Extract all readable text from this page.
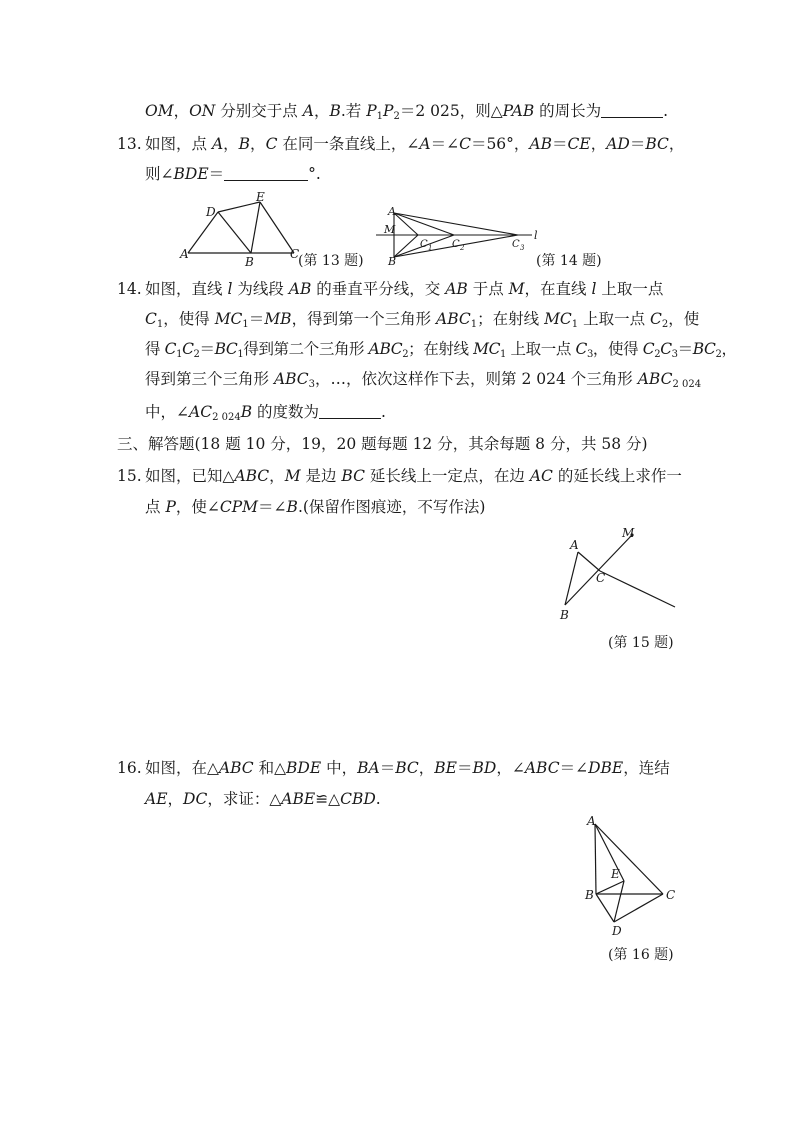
OM，ON 分别交于点 A，B.若 $P_1P_2=2$ 025，则△PAB 的周长为	.
13. 如图，点 A，B，C 在同一条直线上，∠A＝∠C＝56°，AB＝CE，AD＝BC，
则∠BDE＝	°.
D
E
A
B
C
(第 13 题)
A
M
B
C 1 C 2	C 3
l
(第 14 题)
14. 如图，直线 l 为线段 AB 的垂直平分线，交 AB 于点 M，在直线 l 上取一点
$C_1$，使得 $MC_1=MB$，得到第一个三角形 $ABC_1$；在射线 $MC_1$ 上取一点 $C_2$，使
得 $C_1C_2=BC_1$得到第二个三角形 $ABC_2$；在射线 $MC_1$ 上取一点 $C_3$，使得 $C_2C_3=BC_2$，
得到第三个三角形 $ABC_3$，…，依次这样作下去，则第 2 024 个三角形 $ABC_{2 024}$
中，$\angle AC_{2 024}B$ 的度数为	.
三、解答题(18 题 10 分，19，20 题每题 12 分，其余每题 8 分，共 58 分)
15. 如图，已知△ABC，M 是边 BC 延长线上一定点，在边 AC 的延长线上求作一
点 P，使∠CPM＝∠B.(保留作图痕迹，不写作法)
A
M
C
B
(第 15 题)
16. 如图，在△ABC 和△BDE 中，BA＝BC，BE＝BD，∠ABC＝∠DBE，连结
AE，DC，求证：△ABE≌△CBD.
A
E
B	C
D
(第 16 题)
